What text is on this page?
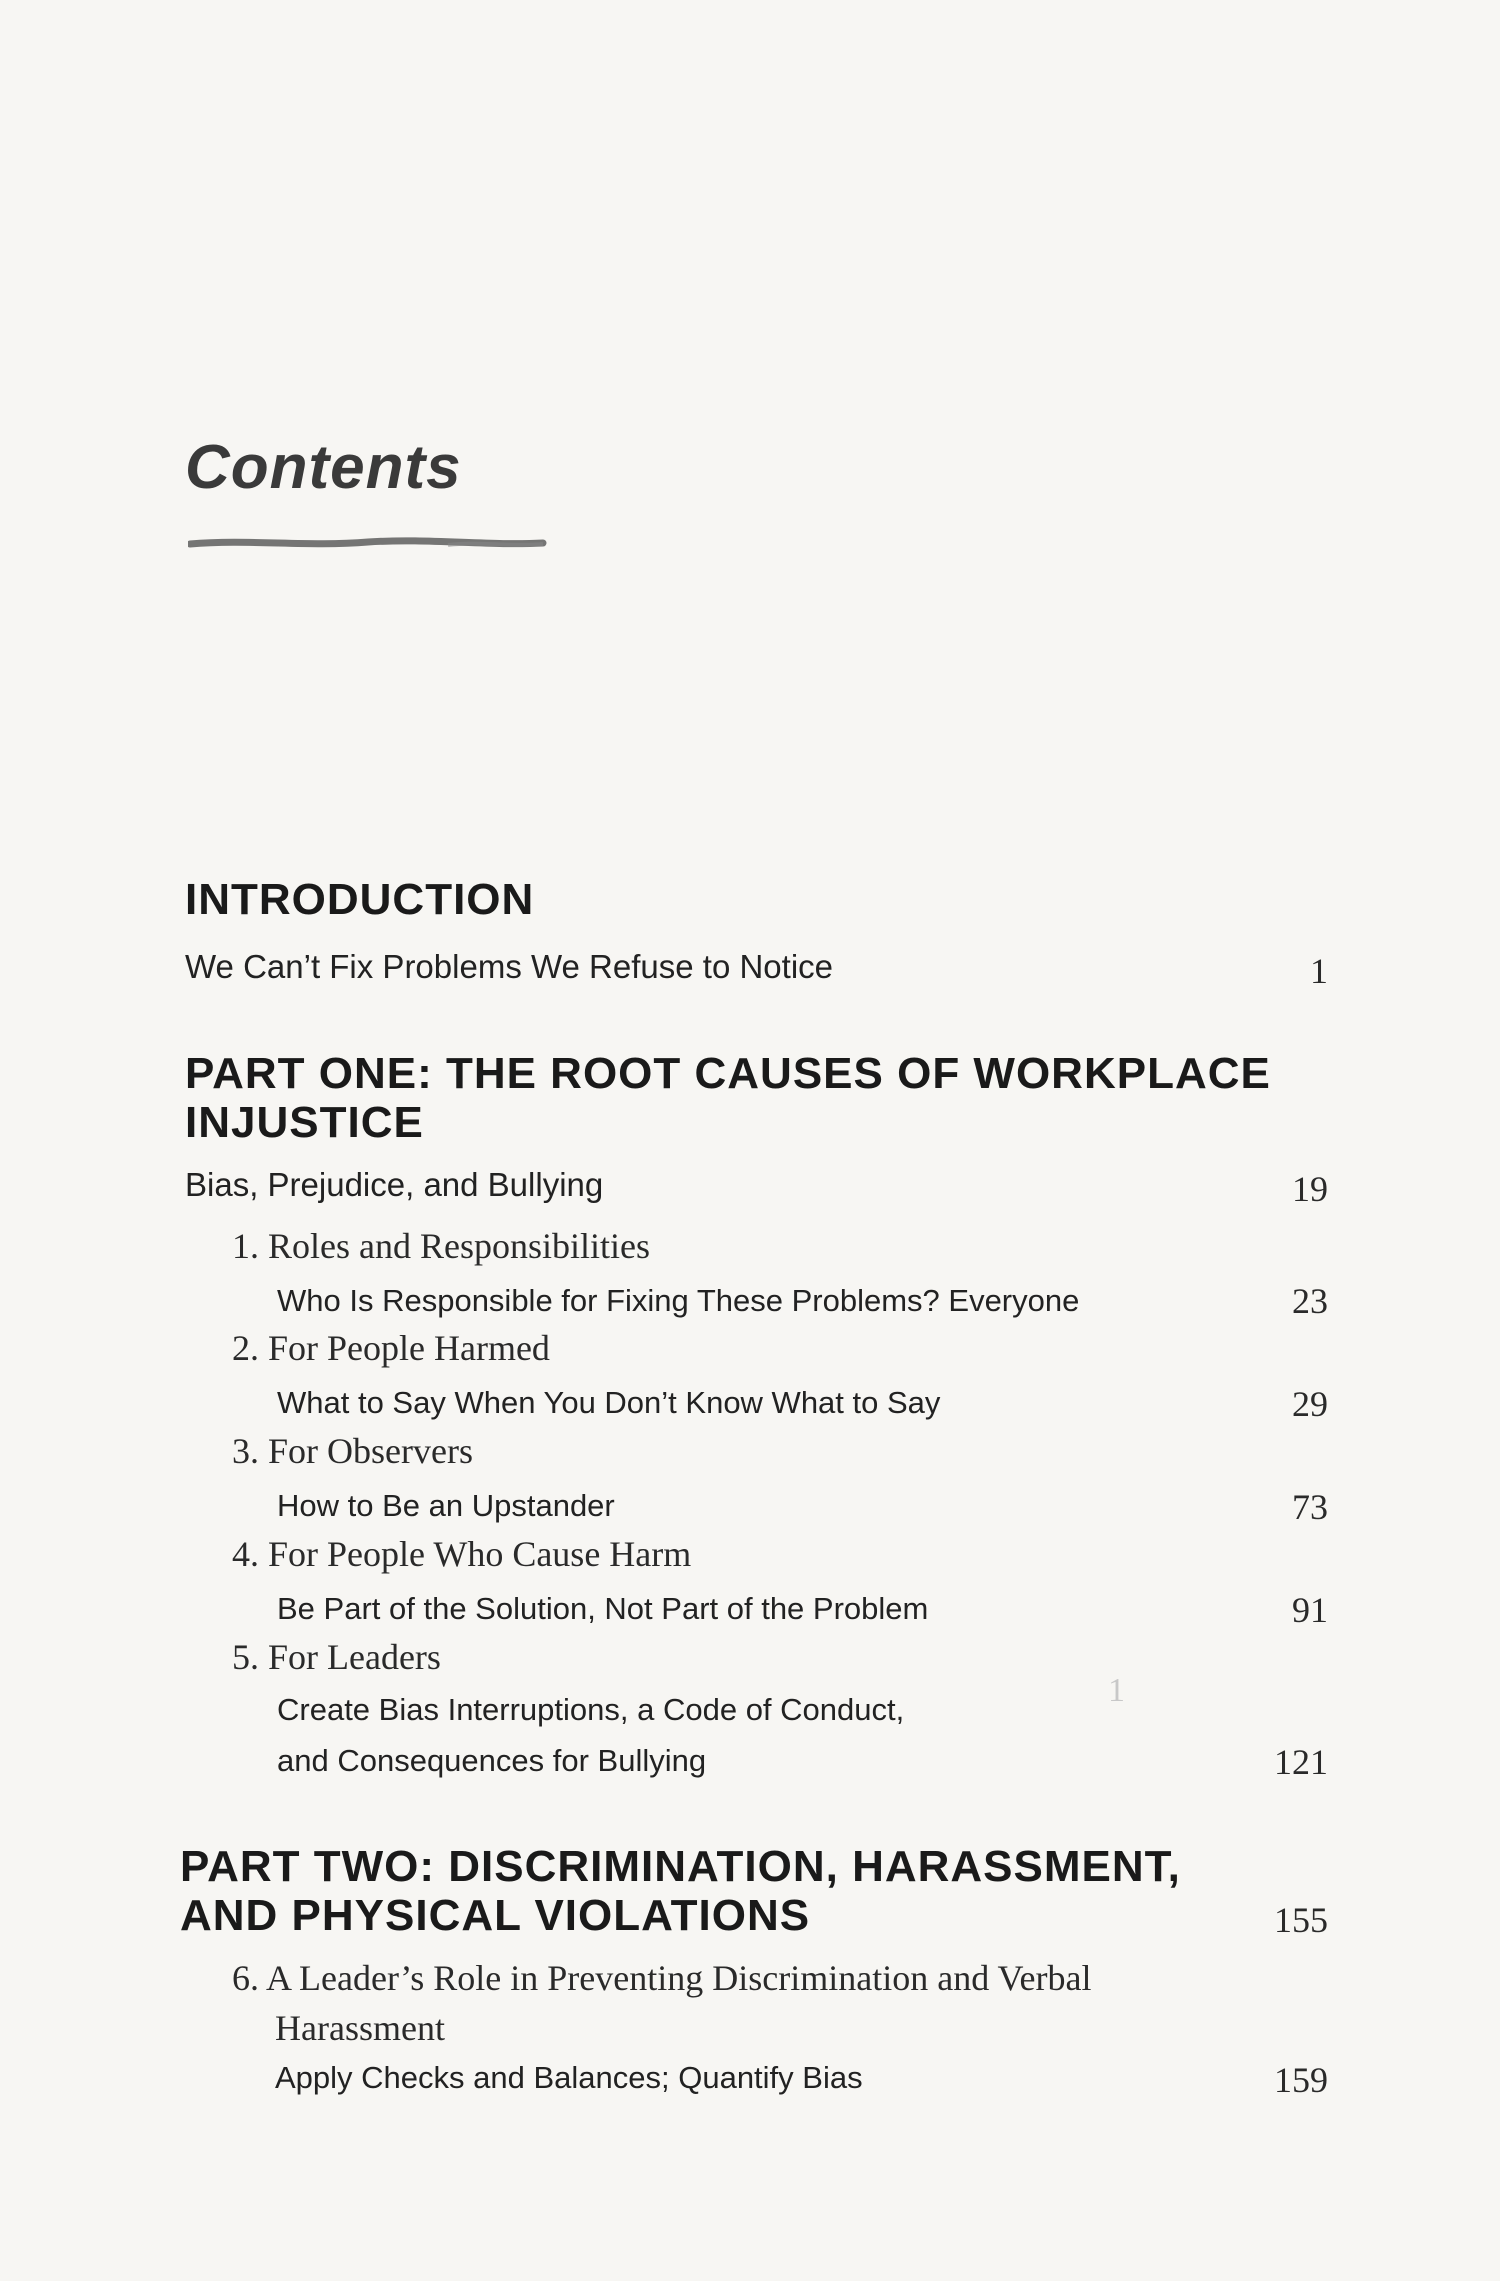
Contents
INTRODUCTION
We Can’t Fix Problems We Refuse to Notice	1
PART ONE: THE ROOT CAUSES OF WORKPLACE
INJUSTICE
Bias, Prejudice, and Bullying	19
1. Roles and Responsibilities
Who Is Responsible for Fixing These Problems? Everyone	23
2. For People Harmed
What to Say When You Don’t Know What to Say	29
3. For Observers
How to Be an Upstander	73
4. For People Who Cause Harm
Be Part of the Solution, Not Part of the Problem	91
5. For Leaders
Create Bias Interruptions, a Code of Conduct,
1
and Consequences for Bullying	121
PART TWO: DISCRIMINATION, HARASSMENT,
AND PHYSICAL VIOLATIONS	155
6. A Leader’s Role in Preventing Discrimination and Verbal
Harassment
Apply Checks and Balances; Quantify Bias	159
